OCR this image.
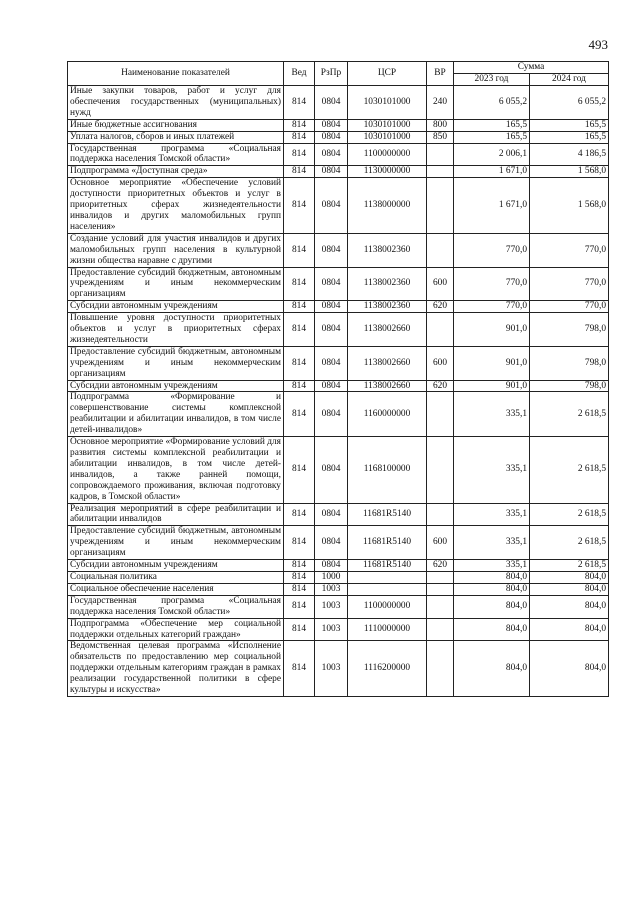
493
Наименование показателей	Вед	РзПр	ЦСР	ВР	Сумма	
					2023 год	2024 год
Иные закупки товаров, работ и услуг для обеспечения государственных (муниципальных) нужд	814	0804	1030101000	240	6 055,2	6 055,2
Иные бюджетные ассигнования	814	0804	1030101000	800	165,5	165,5
Уплата налогов, сборов и иных платежей	814	0804	1030101000	850	165,5	165,5
Государственная программа «Социальная поддержка населения Томской области»	814	0804	1100000000		2 006,1	4 186,5
Подпрограмма «Доступная среда»	814	0804	1130000000		1 671,0	1 568,0
Основное мероприятие «Обеспечение условий доступности приоритетных объектов и услуг в приоритетных сферах жизнедеятельности инвалидов и других маломобильных групп населения»	814	0804	1138000000		1 671,0	1 568,0
Создание условий для участия инвалидов и других маломобильных групп населения в культурной жизни общества наравне с другими	814	0804	1138002360		770,0	770,0
Предоставление субсидий бюджетным, автономным учреждениям и иным некоммерческим организациям	814	0804	1138002360	600	770,0	770,0
Субсидии автономным учреждениям	814	0804	1138002360	620	770,0	770,0
Повышение уровня доступности приоритетных объектов и услуг в приоритетных сферах жизнедеятельности	814	0804	1138002660		901,0	798,0
Предоставление субсидий бюджетным, автономным учреждениям и иным некоммерческим организациям	814	0804	1138002660	600	901,0	798,0
Субсидии автономным учреждениям	814	0804	1138002660	620	901,0	798,0
Подпрограмма «Формирование и совершенствование системы комплексной реабилитации и абилитации инвалидов, в том числе детей-инвалидов»	814	0804	1160000000		335,1	2 618,5
Основное мероприятие «Формирование условий для развития системы комплексной реабилитации и абилитации инвалидов, в том числе детей-инвалидов, а также ранней помощи, сопровождаемого проживания, включая подготовку кадров, в Томской области»	814	0804	1168100000		335,1	2 618,5
Реализация мероприятий в сфере реабилитации и абилитации инвалидов	814	0804	11681R5140		335,1	2 618,5
Предоставление субсидий бюджетным, автономным учреждениям и иным некоммерческим организациям	814	0804	11681R5140	600	335,1	2 618,5
Субсидии автономным учреждениям	814	0804	11681R5140	620	335,1	2 618,5
Социальная политика	814	1000			804,0	804,0
Социальное обеспечение населения	814	1003			804,0	804,0
Государственная программа «Социальная поддержка населения Томской области»	814	1003	1100000000		804,0	804,0
Подпрограмма «Обеспечение мер социальной поддержки отдельных категорий граждан»	814	1003	1110000000		804,0	804,0
Ведомственная целевая программа «Исполнение обязательств по предоставлению мер социальной поддержки отдельным категориям граждан в рамках реализации государственной политики в сфере культуры и искусства»	814	1003	1116200000		804,0	804,0
